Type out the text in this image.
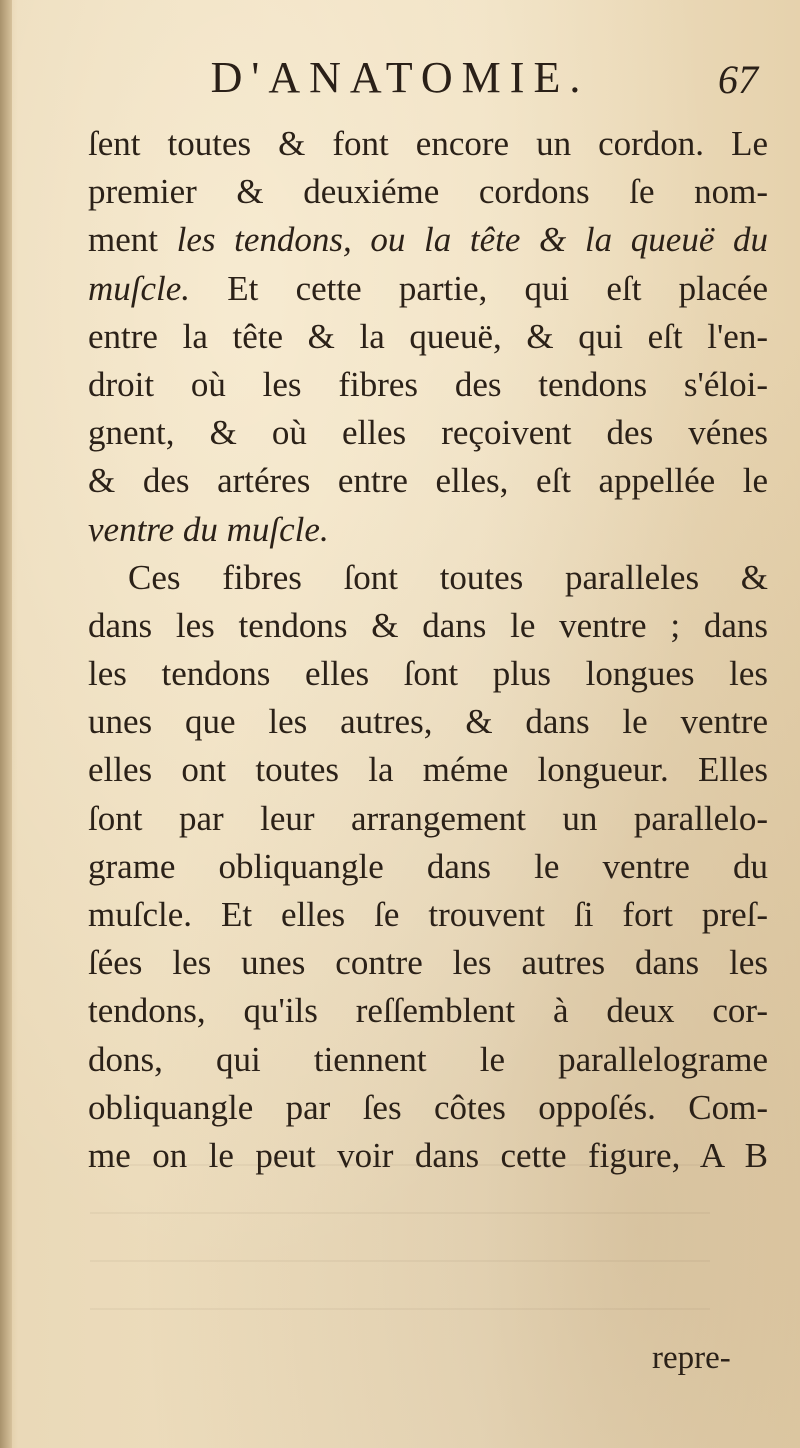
D'ANATOMIE.	67
ſent toutes & font encore un cordon. Le
premier & deuxiéme cordons ſe nom-
ment les tendons, ou la tête & la queuë du
muſcle. Et cette partie, qui eſt placée
entre la tête & la queuë, & qui eſt l'en-
droit où les fibres des tendons s'éloi-
gnent, & où elles reçoivent des vénes
& des artéres entre elles, eſt appellée le
ventre du muſcle.
Ces fibres ſont toutes paralleles &
dans les tendons & dans le ventre ; dans
les tendons elles ſont plus longues les
unes que les autres, & dans le ventre
elles ont toutes la méme longueur. Elles
ſont par leur arrangement un parallelo-
grame obliquangle dans le ventre du
muſcle. Et elles ſe trouvent ſi fort preſ-
ſées les unes contre les autres dans les
tendons, qu'ils reſſemblent à deux cor-
dons, qui tiennent le parallelograme
obliquangle par ſes côtes oppoſés. Com-
me on le peut voir dans cette figure, A B
repre-
